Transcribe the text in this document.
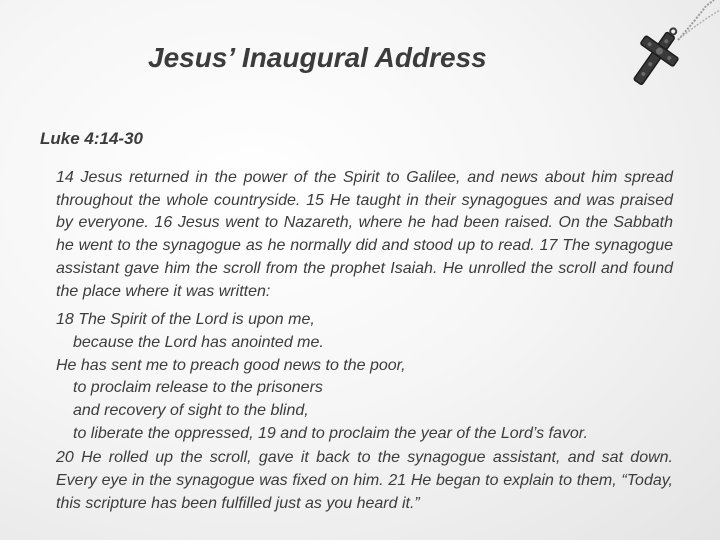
Jesus’ Inaugural Address
Luke 4:14-30

14 Jesus returned in the power of the Spirit to Galilee, and news about him spread throughout the whole countryside. 15 He taught in their synagogues and was praised by everyone. 16 Jesus went to Nazareth, where he had been raised. On the Sabbath he went to the synagogue as he normally did and stood up to read. 17 The synagogue assistant gave him the scroll from the prophet Isaiah. He unrolled the scroll and found the place where it was written:

18 The Spirit of the Lord is upon me,
because the Lord has anointed me.
He has sent me to preach good news to the poor,
to proclaim release to the prisoners
and recovery of sight to the blind,
to liberate the oppressed, 19 and to proclaim the year of the Lord’s favor.

20 He rolled up the scroll, gave it back to the synagogue assistant, and sat down. Every eye in the synagogue was fixed on him. 21 He began to explain to them, “Today, this scripture has been fulfilled just as you heard it.”
